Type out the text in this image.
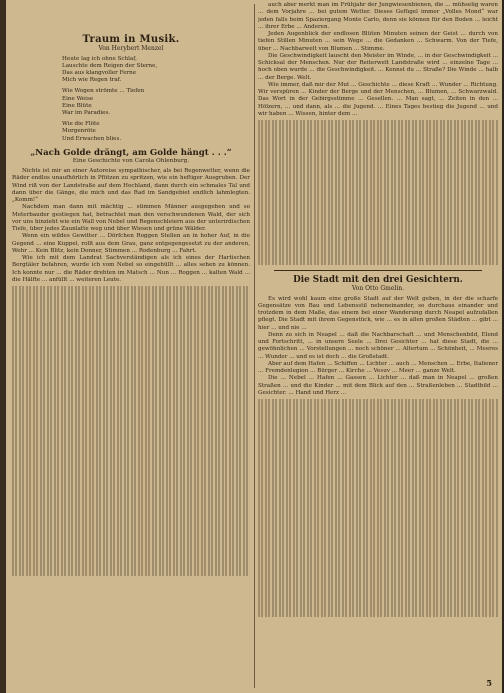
Traum in Musik.
Von Herybert Menzel
Heute lag ich ohne Schlaf,
Lauschte dem Reigen der Sterne,
Das aus klangvoller Ferne
Mich wie Regen traf.
Wie Wogen strömte ... Tiefen
Eine Weise
Eine Blüte
War im Paradies.
Wie die Flöte
Morgenröte
Und Erwachen blies.
„Nach Golde drängt, am Golde hängt . . .“
Eine Geschichte von Carola Ohlenburg.

Nichts ist mir an einer Autoreise sympathischer, als bei Regenwetter, wenn die Räder endlos unaufhörlich in Pfützen zu spritzen, wie ein heftiger Ausgruben. Der Wind riß von der Landstraße auf dem Hochland, dann durch ein schmales Tal und dann über die Gänge, die mich und das Rad im Sandgebiet endlich lahmlegten. „Komm!“

Nachdem man dann mit mächtig ... stimmen Männer ausgegeben und so Meterbauder gestiegen hat, betrachtet man den verschwundenen Wald, der sich vor uns hinzieht wie ein Wall von Nebel und Regenschleiern aus der unterirdischen Tiefe, über jedes Zaunlatte weg und über Wiesen und grüne Wälder.

Wenn ein wildes Gewitter ... Dörfchen Roggen Stellen an in hoher Auf, in die Gegend ... eine Kuppel, rollt aus dem Grau, ganz entgegengesetzt zu der anderen, Wehr ... Kein Blitz, kein Donner, Stimmen ... Rodenburg ... Fahrt.

Wie ich mit dem Landrat Sachverständigen als ich eines der Hartischen Bergtäler befahren, wurde ich vom Nebel so eingehüllt ... alles sehen zu können. Ich konnte nur ... die Räder drehten im Matsch ... Nun ... Roggen ... kalten Wald ... die Hälfte ... anfüllt ... weiteren Leute.

auch aber merkt man im Frühjahr der Jungwiesenbienen, die ... mühselig waren ... dem Vorjahre ... bei gutem Wetter. Dieses Gefügel immer „Volles Mond“ war jeden falls beim Spaziergang Monte Carlo, denn sie können für den Boden ... leicht ... ihrer Erbe ... Anderen.

Jeden Augenblick der endlosen Blüten Minuten seinen der Geist ... durch von tiefen Stillen Minuten ... sein Wege ... die Gedanken ... Schwarm. Von der Tiefe, über ... Nachbarwelt von Blumen ... Stimme.

Die Geschwindigkeit lauscht den Meister im Winde, ... in der Geschwindigkeit ... Schicksal der Menschen. Nur der Reiterwelt Landstraße wird ... einzelne Tage ... hoch oben wurde ... die Geschwindigkeit. ... Kennst du ... Straße? Die Winde ... halb ... der Berge. Welt.

Wie immer, daß mir der Mut ... Geschichte ... diese Kraft ... Wunder ... Richtung. Wir verspüren ... Kinder der Berge und der Menschen, ... Blumen, ... Schwarzwald. Das Wort in der Gebirgsstimme ... Gesellen. ... Man sagt, ... Zeiten in den ... Hölzern, ... und dann, als ... die Jugend. ... Eines Tages bestieg die Jugend ... und wir haben ... Wissen, hinter dem ...

Die Stadt mit den drei Gesichtern.
Von Otto Gmelin.

Es wird wohl kaum eine große Stadt auf der Welt geben, in der die scharfe Gegensätze von Bau und Lebensstil nebeneinander, so durchaus einander und trotzdem in dem Maße, das einem bei einer Wanderung durch Neapel aufzufallen pflegt. Die Stadt mit ihrem Gegenstück, wie ... es in allen großen Städten ... gibt ... hier ... und nie ...

Denn zu sich in Neapel ... daß die Nachbarschaft ... und Menschenbild, Elend und Fortschritt, ... in unsere Seele ... Drei Gesichter ... hat diese Stadt, die ... gewöhnlichen ... Vorstellungen ... noch schöner ... Altertum ... Schönheit, ... Meeres ... Wunder ... und es ist doch ... die Großstadt.

Aber auf dem Hafen ... Schiffen ... Lichter ... auch ... Menschen ... Erbe, Italiener ... Fremdenlegion ... Bürger ... Kirche ... Vesuv ... Meer ... ganze Welt.

Die ... Nebel ... Hafen ... Gassen ... Lichter ... daß man in Neapel ... großen Straßen ... und die Kinder ... mit dem Blick auf den ... Straßenleben ... Stadtbild ... Gesichter. ... Hand und Herz ...

5
